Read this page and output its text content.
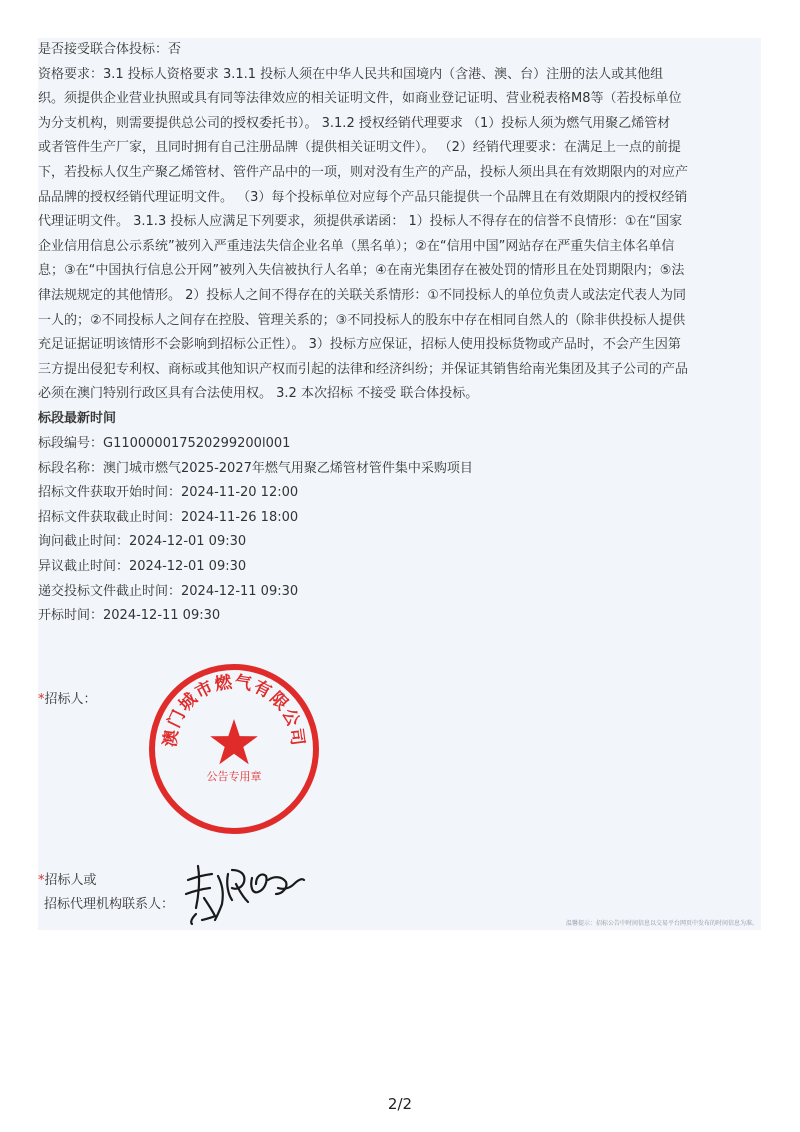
是否接受联合体投标：否
资格要求：3.1 投标人资格要求 3.1.1 投标人须在中华人民共和国境内（含港、澳、台）注册的法人或其他组
织。须提供企业营业执照或具有同等法律效应的相关证明文件，如商业登记证明、营业税表格M8等（若投标单位
为分支机构，则需要提供总公司的授权委托书）。 3.1.2 授权经销代理要求 （1）投标人须为燃气用聚乙烯管材
或者管件生产厂家，且同时拥有自己注册品牌（提供相关证明文件）。 （2）经销代理要求：在满足上一点的前提
下，若投标人仅生产聚乙烯管材、管件产品中的一项，则对没有生产的产品，投标人须出具在有效期限内的对应产
品品牌的授权经销代理证明文件。 （3）每个投标单位对应每个产品只能提供一个品牌且在有效期限内的授权经销
代理证明文件。 3.1.3 投标人应满足下列要求，须提供承诺函： 1）投标人不得存在的信誉不良情形：①在“国家
企业信用信息公示系统”被列入严重违法失信企业名单（黑名单）；②在“信用中国”网站存在严重失信主体名单信
息；③在“中国执行信息公开网”被列入失信被执行人名单；④在南光集团存在被处罚的情形且在处罚期限内；⑤法
律法规规定的其他情形。 2）投标人之间不得存在的关联关系情形：①不同投标人的单位负责人或法定代表人为同
一人的；②不同投标人之间存在控股、管理关系的；③不同投标人的股东中存在相同自然人的（除非供投标人提供
充足证据证明该情形不会影响到招标公正性）。 3）投标方应保证，招标人使用投标货物或产品时，不会产生因第
三方提出侵犯专利权、商标或其他知识产权而引起的法律和经济纠纷；并保证其销售给南光集团及其子公司的产品
必须在澳门特别行政区具有合法使用权。 3.2 本次招标 不接受 联合体投标。
标段最新时间
标段编号：G110000017520299200l001
标段名称：澳门城市燃气2025-2027年燃气用聚乙烯管材管件集中采购项目
招标文件获取开始时间：2024-11-20 12:00
招标文件获取截止时间：2024-11-26 18:00
询问截止时间：2024-12-01 09:30
异议截止时间：2024-12-01 09:30
递交投标文件截止时间：2024-12-11 09:30
开标时间：2024-12-11 09:30
*招标人：
澳门城市燃气有限公司
公告专用章
*招标人或
招标代理机构联系人：
温馨提示：招标公告中时间信息以交易平台网页中发布的时间信息为准。
2/2
